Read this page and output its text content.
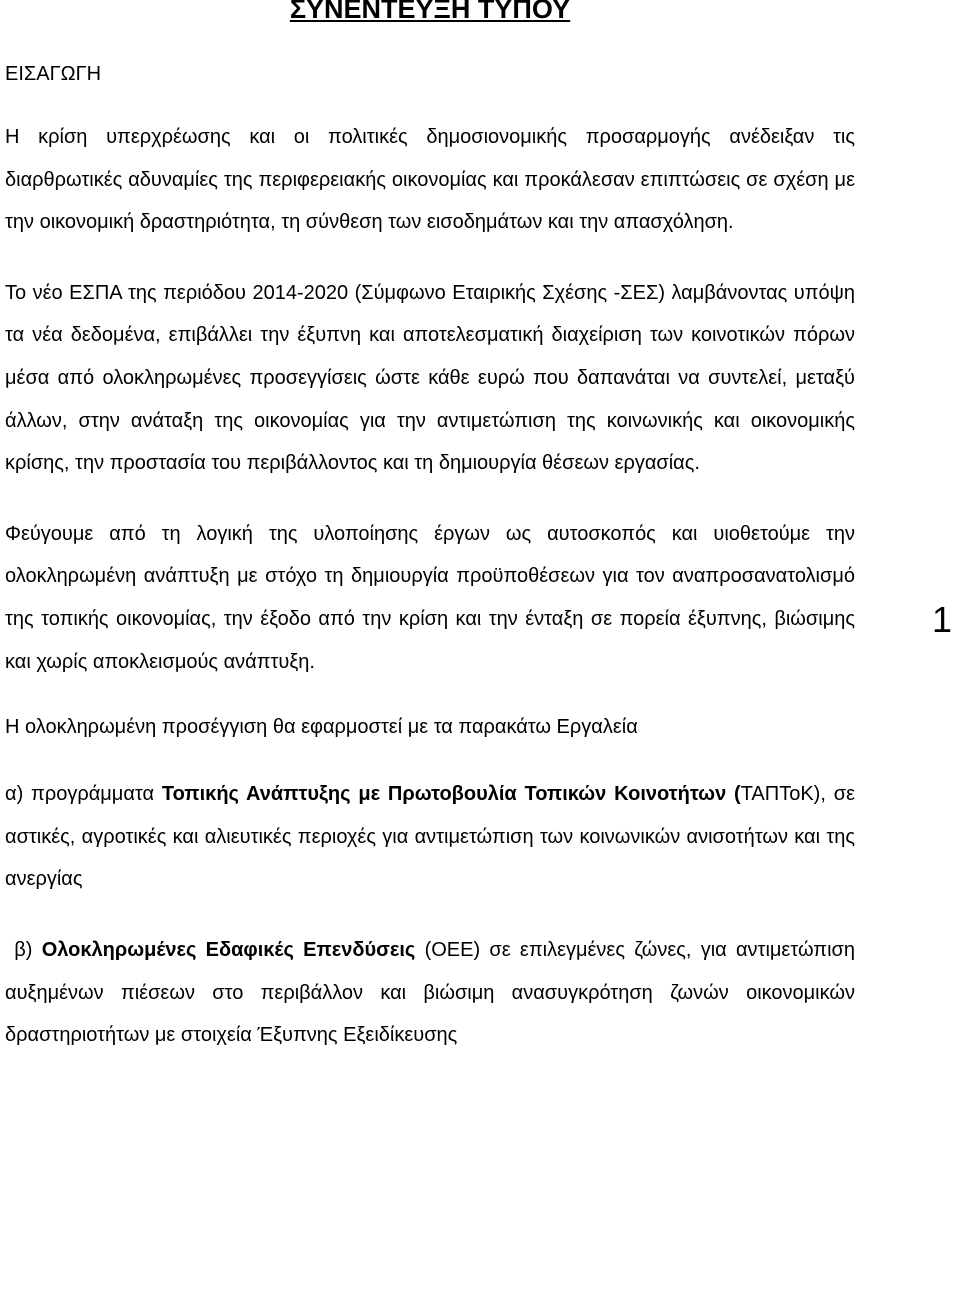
ΣΥΝΕΝΤΕΥΞΗ ΤΥΠΟΥ
ΕΙΣΑΓΩΓΗ

Η κρίση υπερχρέωσης και οι πολιτικές δημοσιονομικής προσαρμογής ανέδειξαν τις διαρθρωτικές αδυναμίες της περιφερειακής οικονομίας και προκάλεσαν επιπτώσεις σε σχέση με την οικονομική δραστηριότητα, τη σύνθεση των εισοδημάτων και την απασχόληση.

Το νέο ΕΣΠΑ της περιόδου 2014-2020 (Σύμφωνο Εταιρικής Σχέσης -ΣΕΣ) λαμβάνοντας υπόψη τα νέα δεδομένα, επιβάλλει την έξυπνη και αποτελεσματική διαχείριση των κοινοτικών πόρων μέσα από ολοκληρωμένες προσεγγίσεις ώστε κάθε ευρώ που δαπανάται να συντελεί, μεταξύ άλλων, στην ανάταξη της οικονομίας για την αντιμετώπιση της κοινωνικής και οικονομικής κρίσης, την προστασία του περιβάλλοντος και τη δημιουργία θέσεων εργασίας.

Φεύγουμε από τη λογική της υλοποίησης έργων ως αυτοσκοπός και υιοθετούμε την ολοκληρωμένη ανάπτυξη με στόχο τη δημιουργία προϋποθέσεων για τον αναπροσανατολισμό της τοπικής οικονομίας, την έξοδο από την κρίση και την ένταξη σε πορεία έξυπνης, βιώσιμης και χωρίς αποκλεισμούς ανάπτυξη.

Η ολοκληρωμένη προσέγγιση θα εφαρμοστεί με τα παρακάτω Εργαλεία

α) προγράμματα Τοπικής Ανάπτυξης με Πρωτοβουλία Τοπικών Κοινοτήτων (ΤΑΠΤοΚ), σε αστικές, αγροτικές και αλιευτικές περιοχές για αντιμετώπιση των κοινωνικών ανισοτήτων και της ανεργίας

β) Ολοκληρωμένες Εδαφικές Επενδύσεις (ΟΕΕ) σε επιλεγμένες ζώνες, για αντιμετώπιση αυξημένων πιέσεων στο περιβάλλον και βιώσιμη ανασυγκρότηση ζωνών οικονομικών δραστηριοτήτων με στοιχεία Έξυπνης Εξειδίκευσης

1
